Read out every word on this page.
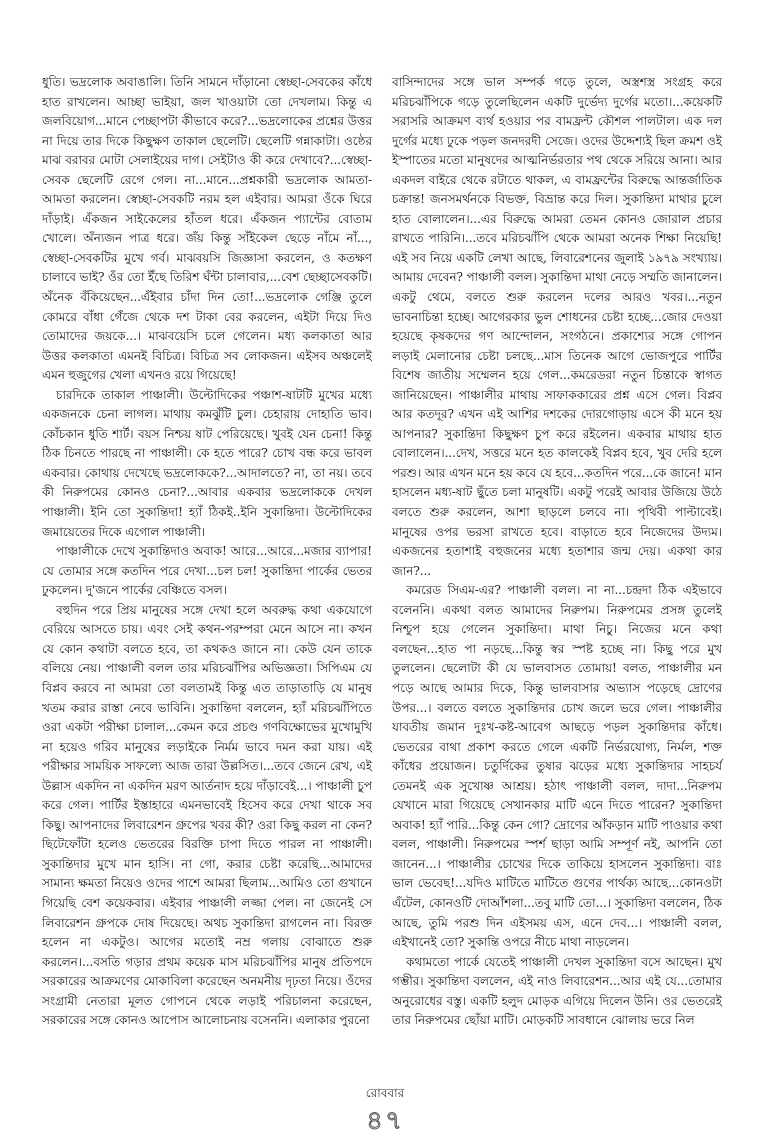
ধুতি। ভদ্রলোক অবাঙালি। তিনি সামনে দাঁড়ানো স্বেচ্ছা-সেবকের কাঁধে হাত রাখলেন। আচ্ছা ভাইয়া, জল খাওয়াটা তো দেখলাম। কিন্তু এ জলবিয়োগ...মানে পেচ্ছাপটা কীভাবে করে?...ভদ্রলোকের প্রশ্নের উত্তর না দিয়ে তার দিকে কিছুক্ষণ তাকাল ছেলেটি। ছেলেটি গন্নাকাটা। ওষ্ঠের মাঝ বরাবর মোটা সেলাইয়ের দাগ। সেইটাও কী করে দেখাবে?...স্বেচ্ছা-সেবক ছেলেটি রেগে গেল। না...মানে...প্রশ্নকারী ভদ্রলোক আমতা-আমতা করলেন। স্বেচ্ছা-সেবকটি নরম হল এইবার। আমরা ওঁকে ঘিরে দাঁড়াই। এঁকজন সাইকেলের হাঁতল ধরে। এঁকজন প্যান্টের বোতাম খোলে। অঁন্যজন পাত্র ধরে। জঁয় কিন্তু সাঁইকেল ছেড়ে নাঁমে নাঁ..., স্বেচ্ছা-সেবকটির মুখে গর্ব। মাঝবয়সি জিজ্ঞাসা করলেন, ও কতক্ষণ চালাবে ভাই? ওঁর তো ইঁছে তিরিশ ঘঁন্টা চালাবার,...বেশ ছেচ্ছাসেবকটি। অঁনেক বঁকিয়েছেন...এঁইবার চাঁদা দিন তো!...ভদ্রলোক গেঞ্জি তুলে কোমরে বাঁধা গেঁজে থেকে দশ টাকা বের করলেন, এইটা দিয়ে দিও তোমাদের জয়কে...। মাঝবয়েসি চলে গেলেন। মধ্য কলকাতা আর উত্তর কলকাতা এমনই বিচিত্র। বিচিত্র সব লোকজন। এইসব অঞ্চলেই এমন হুজুগের খেলা এখনও রয়ে গিয়েছে!

চারদিকে তাকাল পাঞ্চালী। উল্টোদিকের পঞ্চাশ-ষাটটি মুখের মধ্যে একজনকে চেনা লাগল। মাথায় কমঝুঁটি চুল। চেহারায় দোহাতি ভাব। কোঁচকান ধুতি শার্ট। বয়স নিশ্চয় ষাট পেরিয়েছে। খুবই যেন চেনা! কিন্তু ঠিক চিনতে পারছে না পাঞ্চালী। কে হতে পারে? চোখ বন্ধ করে ভাবল একবার। কোথায় দেখেছে ভদ্রলোককে?...আদালতে? না, তা নয়। তবে কী নিরুপমের কোনও চেনা?...আবার একবার ভদ্রলোককে দেখল পাঞ্চালী। ইনি তো সুকান্তিদা! হ্যাঁ ঠিকই..ইনি সুকান্তিদা। উল্টোদিকের জমায়েতের দিকে এগোল পাঞ্চালী।

পাঞ্চালীকে দেখে সুকান্তিদাও অবাক! আরে...আরে...মজার ব্যাপার! যে তোমার সঙ্গে কতদিন পরে দেখা...চল চল! সুকান্তিদা পার্কের ভেতর ঢুকলেন। দু'জনে পার্কের বেঞ্চিতে বসল।

বহুদিন পরে প্রিয় মানুষের সঙ্গে দেখা হলে অবরুদ্ধ কথা একযোগে বেরিয়ে আসতে চায়। এবং সেই কথন-পরম্পরা মেনে আসে না। কখন যে কোন কথাটা বলতে হবে, তা কথকও জানে না। কেউ যেন তাকে বলিয়ে নেয়। পাঞ্চালী বলল তার মরিচঝাঁপির অভিজ্ঞতা। সিপিএম যে বিপ্লব করবে না আমরা তো বলতামই কিন্তু এত তাড়াতাড়ি যে মানুষ খতম করার রাস্তা নেবে ভাবিনি। সুকান্তিদা বললেন, হ্যাঁ মরিচঝাঁপিতে ওরা একটা পরীক্ষা চালাল...কেমন করে প্রচণ্ড গণবিক্ষোভের মুখোমুখি না হয়েও গরিব মানুষের লড়াইকে নির্মম ভাবে দমন করা যায়। এই পরীক্ষার সাময়িক সাফল্যে আজ তারা উল্লসিত।...তবে জেনে রেখ, এই উল্লাস একদিন না একদিন মরণ আর্তনাদ হয়ে দাঁড়াবেই...। পাঞ্চালী চুপ করে গেল। পার্টির ইস্তাহারে এমনভাবেই হিসেব করে দেখা থাকে সব কিছু। আপনাদের লিবারেশন গ্রুপের খবর কী? ওরা কিছু করল না কেন? ছিটেফোঁটা হলেও ভেতরের বিরক্তি চাপা দিতে পারল না পাঞ্চালী। সুকান্তিদার মুখে মান হাসি। না গো, করার চেষ্টা করেছি...আমাদের সামান্য ক্ষমতা নিয়েও ওদের পাশে আমরা ছিলাম...আমিও তো গুখানে গিয়েছি বেশ কয়েকবার। এইবার পাঞ্চালী লজ্জা পেল। না জেনেই সে লিবারেশন গ্রুপকে দোষ দিয়েছে। অথচ সুকান্তিদা রাগলেন না। বিরক্ত হলেন না একটুও। আগের মতোই নম্র গলায় বোঝাতে শুরু করলেন।...বসতি গড়ার প্রথম কয়েক মাস মরিচঝাঁপির মানুষ প্রতিপদে সরকারের আক্রমণের মোকাবিলা করেছেন অনমনীয় দৃঢ়তা নিয়ে। ওঁদের সংগ্রামী নেতারা মূলত গোপনে থেকে লড়াই পরিচালনা করেছেন, সরকারের সঙ্গে কোনও আপোস আলোচনায় বসেননি। এলাকার পুরনো

বাসিন্দাদের সঙ্গে ভাল সম্পর্ক গড়ে তুলে, অস্ত্রশস্ত্র সংগ্রহ করে মরিচঝাঁপিকে গড়ে তুলেছিলেন একটি দুর্ভেদ্য দুর্গের মতো।...কয়েকটি সরাসরি আক্রমণ ব্যর্থ হওয়ার পর বামফ্রন্ট কৌশল পালটাল। এক দল দুর্গের মধ্যে ঢুকে পড়ল জনদরদী সেজে। ওদের উদ্দেশ্যই ছিল ক্রমশ ওই ইস্পাতের মতো মানুষদের আত্মনির্ভরতার পথ থেকে সরিয়ে আনা। আর একদল বাইরে থেকে রটাতে থাকল, এ বামফ্রন্টের বিরুদ্ধে আন্তর্জাতিক চক্রান্ত! জনসমর্থনকে বিভক্ত, বিভ্রান্ত করে দিল। সুকান্তিদা মাথার চুলে হাত বোলালেন।...এর বিরুদ্ধে আমরা তেমন কোনও জোরাল প্রচার রাখতে পারিনি।...তবে মরিচঝাঁপি থেকে আমরা অনেক শিক্ষা নিয়েছি! এই সব নিয়ে একটি লেখা আছে, লিবারেশনের জুলাই ১৯৭৯ সংখ্যায়। আমায় দেবেন? পাঞ্চালী বলল। সুকান্তিদা মাথা নেড়ে সম্মতি জানালেন। একটু থেমে, বলতে শুরু করলেন দলের আরও খবর।...নতুন ভাবনাচিন্তা হচ্ছে। আগেরকার ভুল শোধনের চেষ্টা হচ্ছে...জোর দেওয়া হয়েছে কৃষকদের গণ আন্দোলন, সংগঠনে। প্রকাশ্যের সঙ্গে গোপন লড়াই মেলানোর চেষ্টা চলছে...মাস তিনেক আগে ভোজপুরে পার্টির বিশেষ জাতীয় সম্মেলন হয়ে গেল...কমরেডরা নতুন চিন্তাকে স্বাগত জানিয়েছেন। পাঞ্চালীর মাথায় সাফাককারের প্রশ্ন এসে গেল। বিপ্লব আর কতদূর? এখন এই আশির দশকের দোরগোড়ায় এসে কী মনে হয় আপনার? সুকান্তিদা কিছুক্ষণ চুপ করে রইলেন। একবার মাথায় হাত বোলালেন।...দেখ, সত্তরে মনে হত কালকেই বিপ্লব হবে, খুব দেরি হলে পরশু। আর এখন মনে হয় কবে যে হবে...কতদিন পরে...কে জানে! মান হাসলেন মধ্য-ষাট ছুঁতে চলা মানুষটি। একটু পরেই আবার উজিয়ে উঠে বলতে শুরু করলেন, আশা ছাড়লে চলবে না। পৃথিবী পাল্টাবেই। মানুষের ওপর ভরসা রাখতে হবে। বাড়াতে হবে নিজেদের উদ্যম। একজনের হতাশাই বহুজনের মধ্যে হতাশার জন্ম দেয়। একথা কার জান?...

কমরেড সিএম-এর? পাঞ্চালী বলল। না না...চন্দ্রদা ঠিক এইভাবে বলেননি। একথা বলত আমাদের নিরুপম। নিরুপমের প্রসঙ্গ তুলেই নিশ্চুপ হয়ে গেলেন সুকান্তিদা। মাথা নিচু। নিজের মনে কথা বলছেন...হাত পা নড়ছে...কিন্তু স্বর স্পষ্ট হচ্ছে না। কিছু পরে মুখ তুললেন। ছেলোটা কী যে ভালবাসত তোমায়! বলত, পাঞ্চালীর মন পড়ে আছে আমার দিকে, কিন্তু ভালবাসার অভ্যাস পড়েছে দ্রোণের উপর...। বলতে বলতে সুকান্তিদার চোখ জলে ভরে গেল। পাঞ্চালীর যাবতীয় জমান দুঃখ-কষ্ট-আবেগ আছড়ে পড়ল সুকান্তিদার কাঁধে। ভেতরের বাথা প্রকাশ করতে গেলে একটি নির্ভরযোগ্য, নির্মল, শক্ত কাঁধের প্রয়োজন। চতুর্দিকের তুষার ঝড়ের মধ্যে সুকান্তিদার সাহচর্য তেমনই এক সুখোষ্ণ আশ্রয়। হঠাৎ পাঞ্চালী বলল, দাদা...নিরুপম যেখানে মারা গিয়েছে সেখানকার মাটি এনে দিতে পারেন? সুকান্তিদা অবাক! হ্যাঁ পারি...কিন্তু কেন গো? দ্রোণের আঁকড়ান মাটি পাওয়ার কথা বলল, পাঞ্চালী। নিরুপমের স্পর্শ ছাড়া আমি সম্পূর্ণ নই, আপনি তো জানেন...। পাঞ্চালীর চোখের দিকে তাকিয়ে হাসলেন সুকান্তিদা। বাঃ ভাল ভেবেছ!...যদিও মাটিতে মাটিতে গুণের পার্থক্য আছে...কোনওটা এঁটেল, কোনওটি দোআঁশলা...তবু মাটি তো...। সুকান্তিদা বললেন, ঠিক আছে, তুমি পরশু দিন এইসময় এস, এনে দেব...। পাঞ্চালী বলল, এইখানেই তো? সুকান্তি ওপরে নীচে মাথা নাড়লেন।

কথামতো পার্কে যেতেই পাঞ্চালী দেখল সুকান্তিদা বসে আছেন। মুখ গম্ভীর। সুকান্তিদা বললেন, এই নাও লিবারেশন...আর এই যে...তোমার অনুরোধের বস্তু। একটি হলুদ মোড়ক এগিয়ে দিলেন উনি। ওর ভেতরেই তার নিরুপমের ছোঁয়া মাটি। মোড়কটি সাবধানে ঝোলায় ভরে নিল

রোববার
৪৭
